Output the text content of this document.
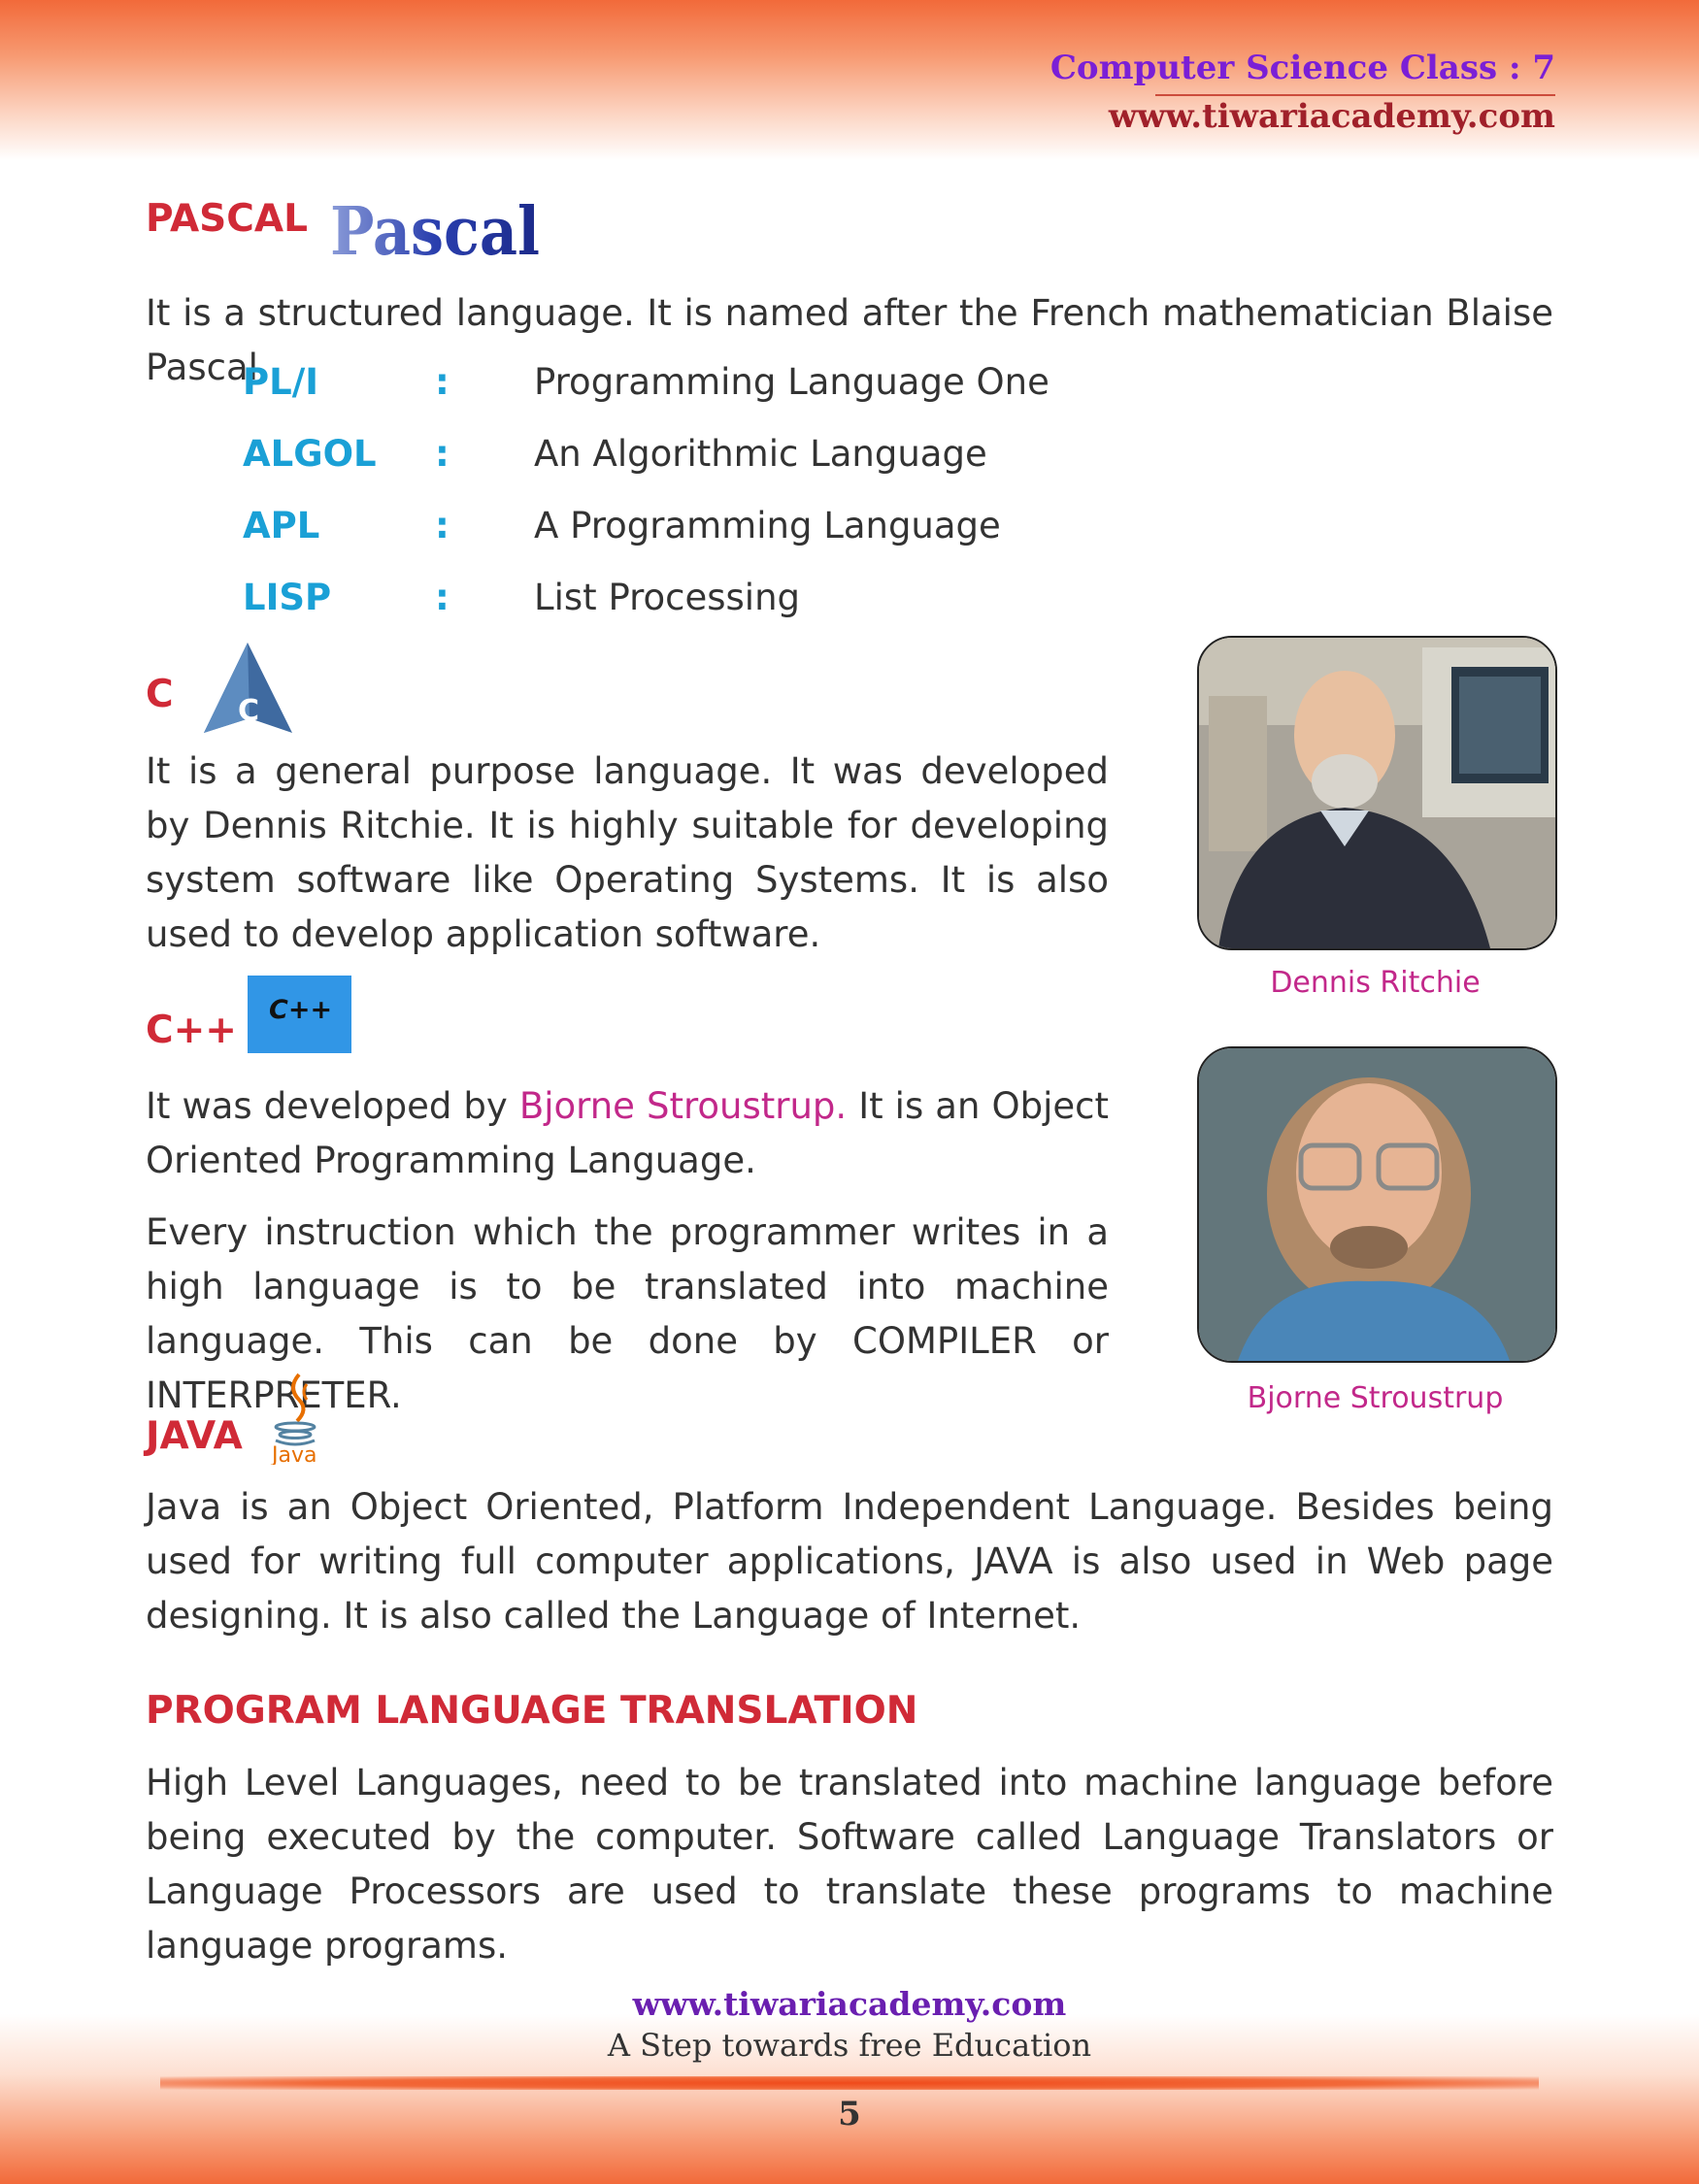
Computer Science Class : 7

www.tiwariacademy.com

PASCAL Pascal

It is a structured language. It is named after the French mathematician Blaise Pascal.

PL/I	: Programming Language One

ALGOL : An Algorithmic Language

APL	: A Programming Language

LISP	: List Processing

C C

It is a general purpose language. It was developed by Dennis Ritchie. It is highly suitable for developing system software like Operating Systems. It is also used to develop application software.

Dennis Ritchie

C++ C++

It was developed by Bjorne Stroustrup. It is an Object Oriented Programming Language.

Every instruction which the programmer writes in a high language is to be translated into machine language. This can be done by COMPILER or INTERPRETER.	Bjorne Stroustrup

JAVA Java

Java is an Object Oriented, Platform Independent Language. Besides being used for writing full computer applications, JAVA is also used in Web page designing. It is also called the Language of Internet.

PROGRAM LANGUAGE TRANSLATION

High Level Languages, need to be translated into machine language before being executed by the computer. Software called Language Translators or Language Processors are used to translate these programs to machine language programs.

www.tiwariacademy.com

A Step towards free Education

5
